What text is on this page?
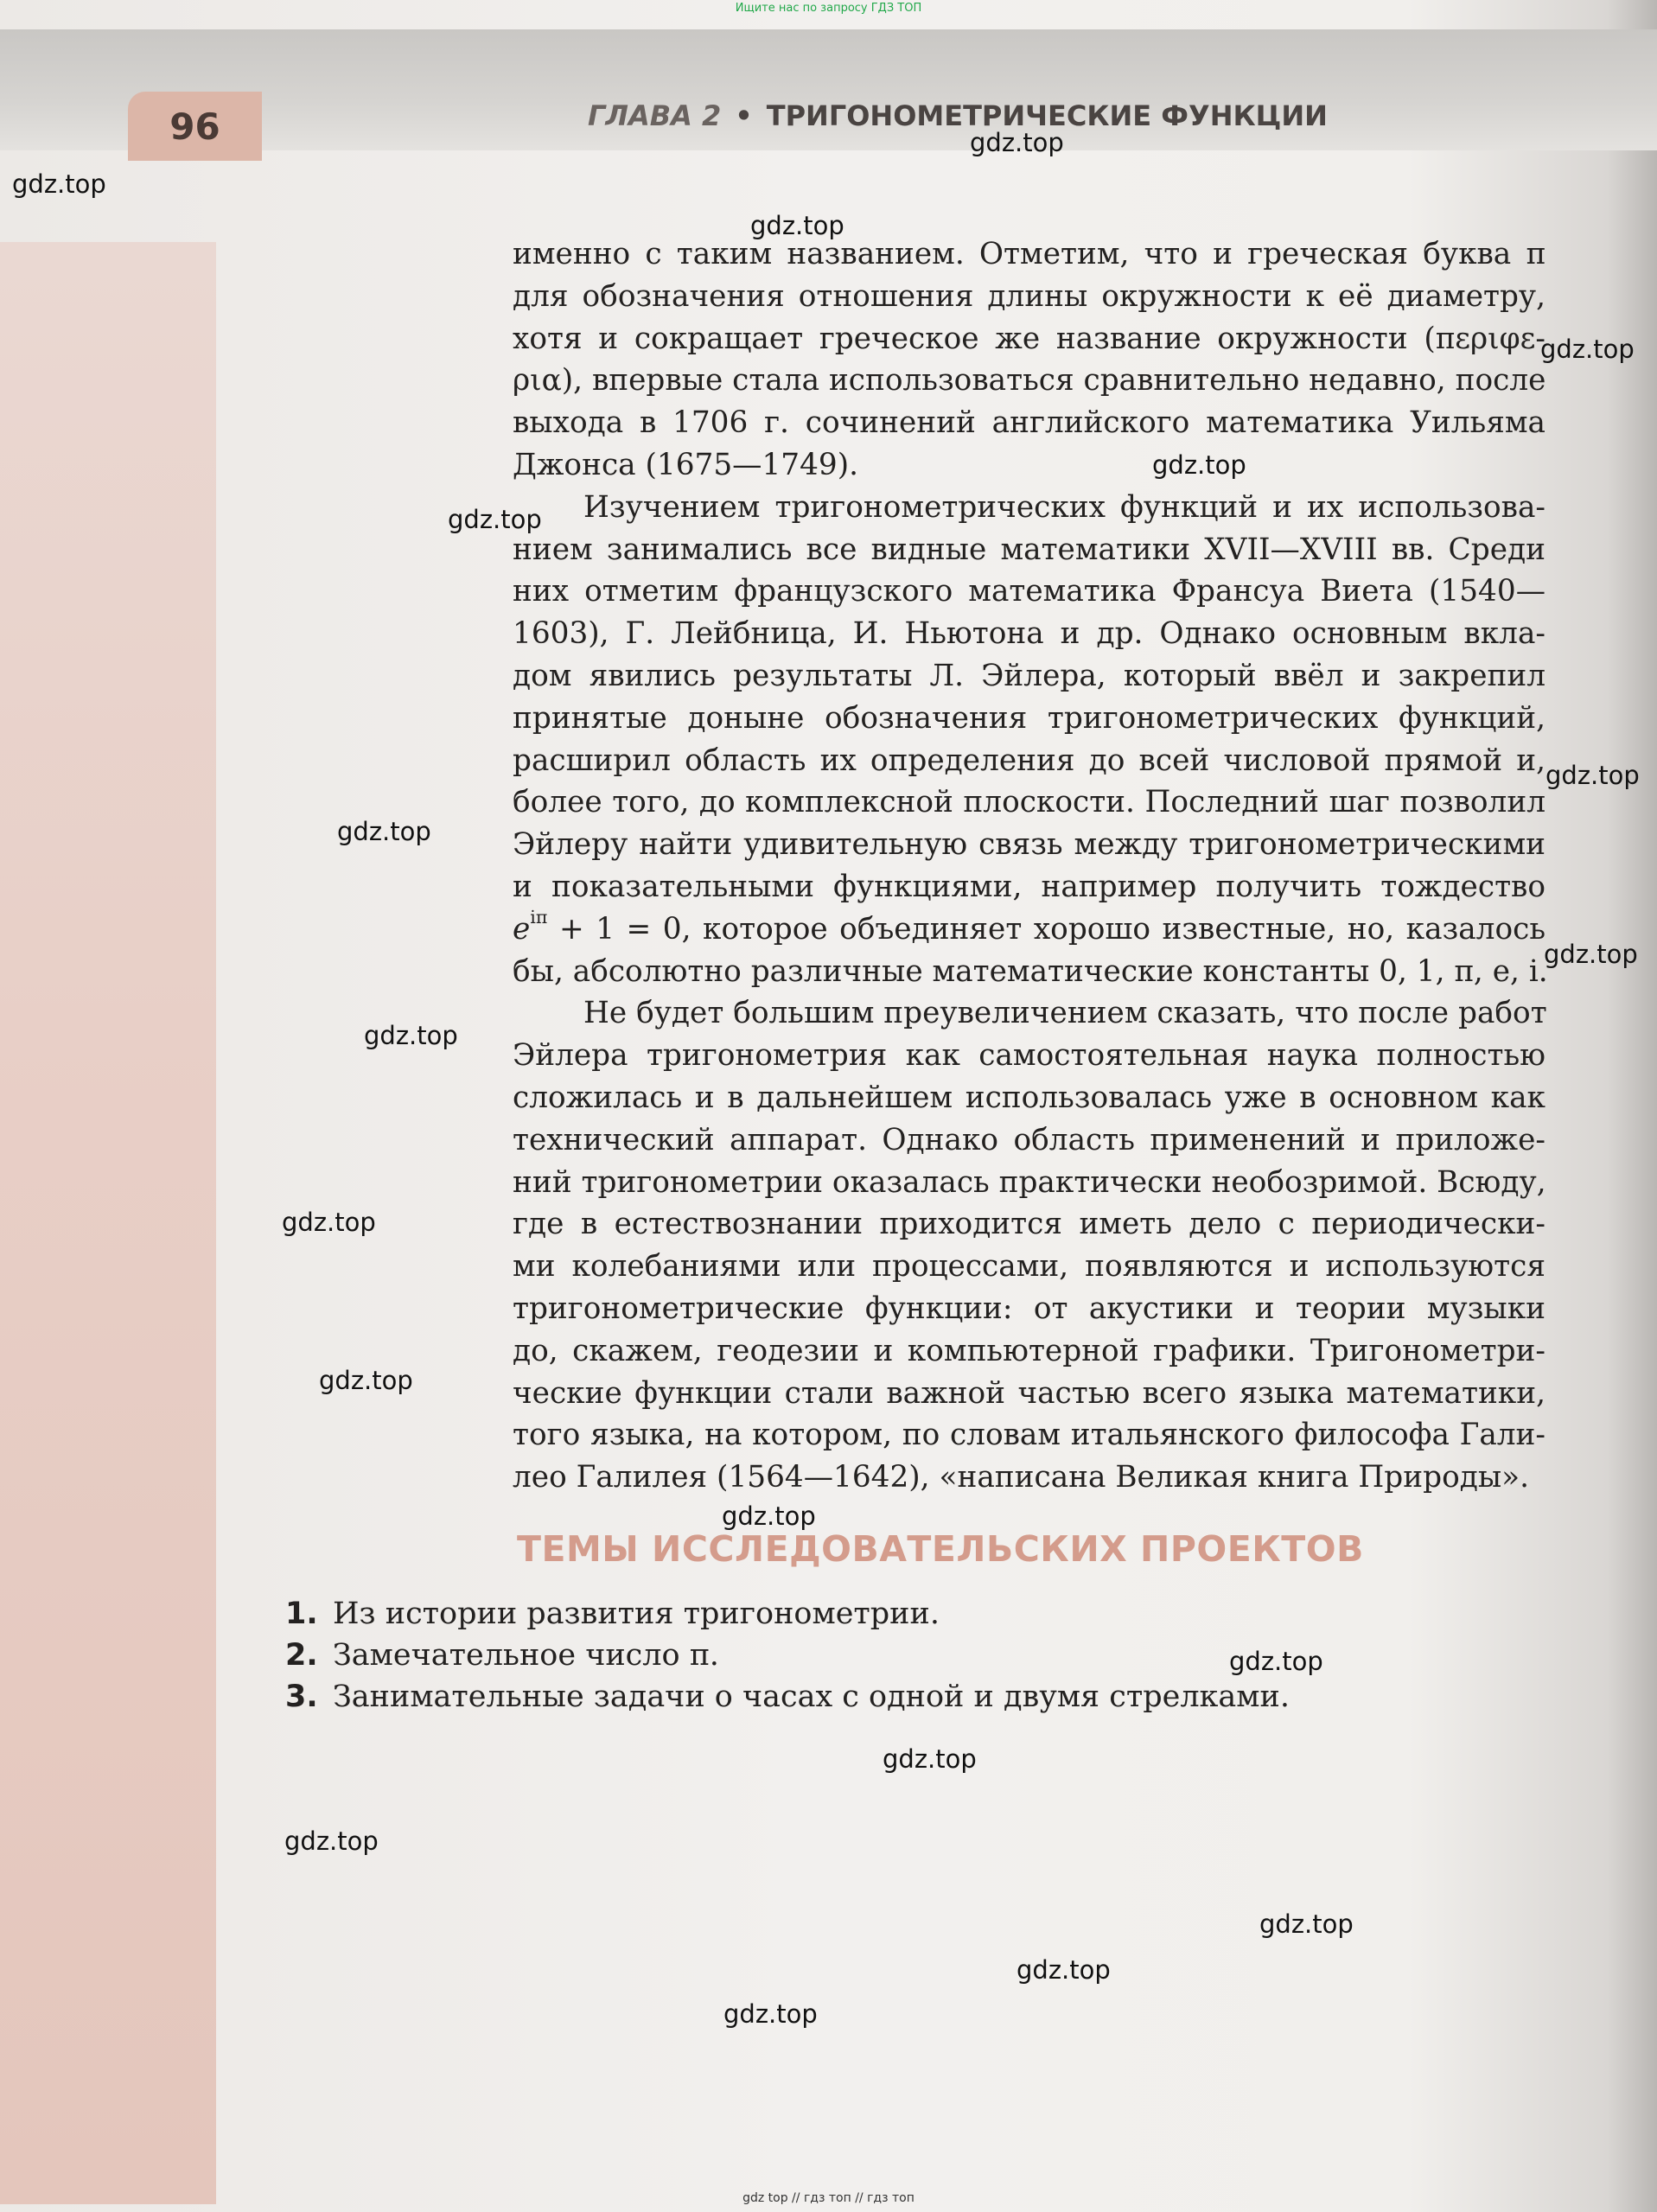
Ищите нас по запросу ГДЗ ТОП
96	ГЛАВА 2 • ТРИГОНОМЕТРИЧЕСКИЕ ФУНКЦИИ
именно с таким названием. Отметим, что и греческая буква π
для обозначения отношения длины окружности к её диаметру,
хотя и сокращает греческое же название окружности (περιφε-
ρια), впервые стала использоваться сравнительно недавно, после
выхода в 1706 г. сочинений английского математика Уильяма
Джонса (1675—1749).
Изучением тригонометрических функций и их использова-
нием занимались все видные математики XVII—XVIII вв. Среди
них отметим французского математика Франсуа Виета (1540—
1603), Г. Лейбница, И. Ньютона и др. Однако основным вкла-
дом явились результаты Л. Эйлера, который ввёл и закрепил
принятые доныне обозначения тригонометрических функций,
расширил область их определения до всей числовой прямой и,
более того, до комплексной плоскости. Последний шаг позволил
Эйлеру найти удивительную связь между тригонометрическими
и показательными функциями, например получить тождество
$e^{i\pi} + 1 = 0$, которое объединяет хорошо известные, но, казалось
бы, абсолютно различные математические константы 0, 1, π, e, i.
Не будет большим преувеличением сказать, что после работ
Эйлера тригонометрия как самостоятельная наука полностью
сложилась и в дальнейшем использовалась уже в основном как
технический аппарат. Однако область применений и приложе-
ний тригонометрии оказалась практически необозримой. Всюду,
где в естествознании приходится иметь дело с периодически-
ми колебаниями или процессами, появляются и используются
тригонометрические функции: от акустики и теории музыки
до, скажем, геодезии и компьютерной графики. Тригонометри-
ческие функции стали важной частью всего языка математики,
того языка, на котором, по словам итальянского философа Гали-
лео Галилея (1564—1642), «написана Великая книга Природы».
ТЕМЫ ИССЛЕДОВАТЕЛЬСКИХ ПРОЕКТОВ
1. Из истории развития тригонометрии.
2. Замечательное число π.
3. Занимательные задачи о часах с одной и двумя стрелками.
gdz.top
gdz.top
gdz.top
gdz.top
gdz.top
gdz.top
gdz.top
gdz.top
gdz.top
gdz.top
gdz.top
gdz.top
gdz.top
gdz.top
gdz.top
gdz.top
gdz.top
gdz.top
gdz.top
gdz top // гдз топ // гдз топ
